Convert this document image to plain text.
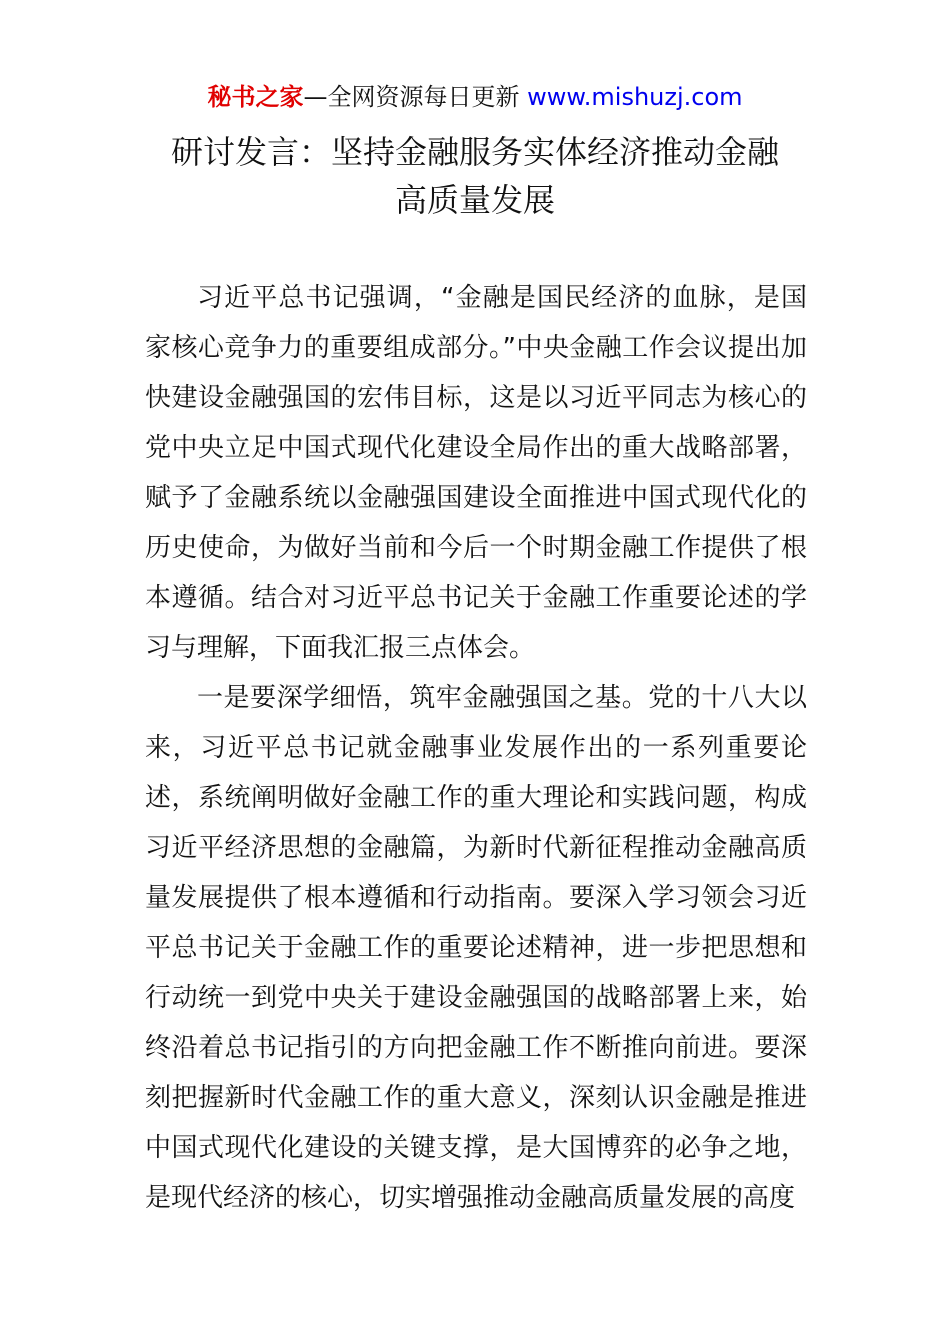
秘书之家—全网资源每日更新 www.mishuzj.com
研讨发言：坚持金融服务实体经济推动金融
高质量发展

习近平总书记强调，“金融是国民经济的血脉，是国家核心竞争力的重要组成部分。”中央金融工作会议提出加快建设金融强国的宏伟目标，这是以习近平同志为核心的党中央立足中国式现代化建设全局作出的重大战略部署，赋予了金融系统以金融强国建设全面推进中国式现代化的历史使命，为做好当前和今后一个时期金融工作提供了根本遵循。结合对习近平总书记关于金融工作重要论述的学习与理解，下面我汇报三点体会。

一是要深学细悟，筑牢金融强国之基。党的十八大以来，习近平总书记就金融事业发展作出的一系列重要论述，系统阐明做好金融工作的重大理论和实践问题，构成习近平经济思想的金融篇，为新时代新征程推动金融高质量发展提供了根本遵循和行动指南。要深入学习领会习近平总书记关于金融工作的重要论述精神，进一步把思想和行动统一到党中央关于建设金融强国的战略部署上来，始终沿着总书记指引的方向把金融工作不断推向前进。要深刻把握新时代金融工作的重大意义，深刻认识金融是推进中国式现代化建设的关键支撑，是大国博弈的必争之地，是现代经济的核心，切实增强推动金融高质量发展的高度
